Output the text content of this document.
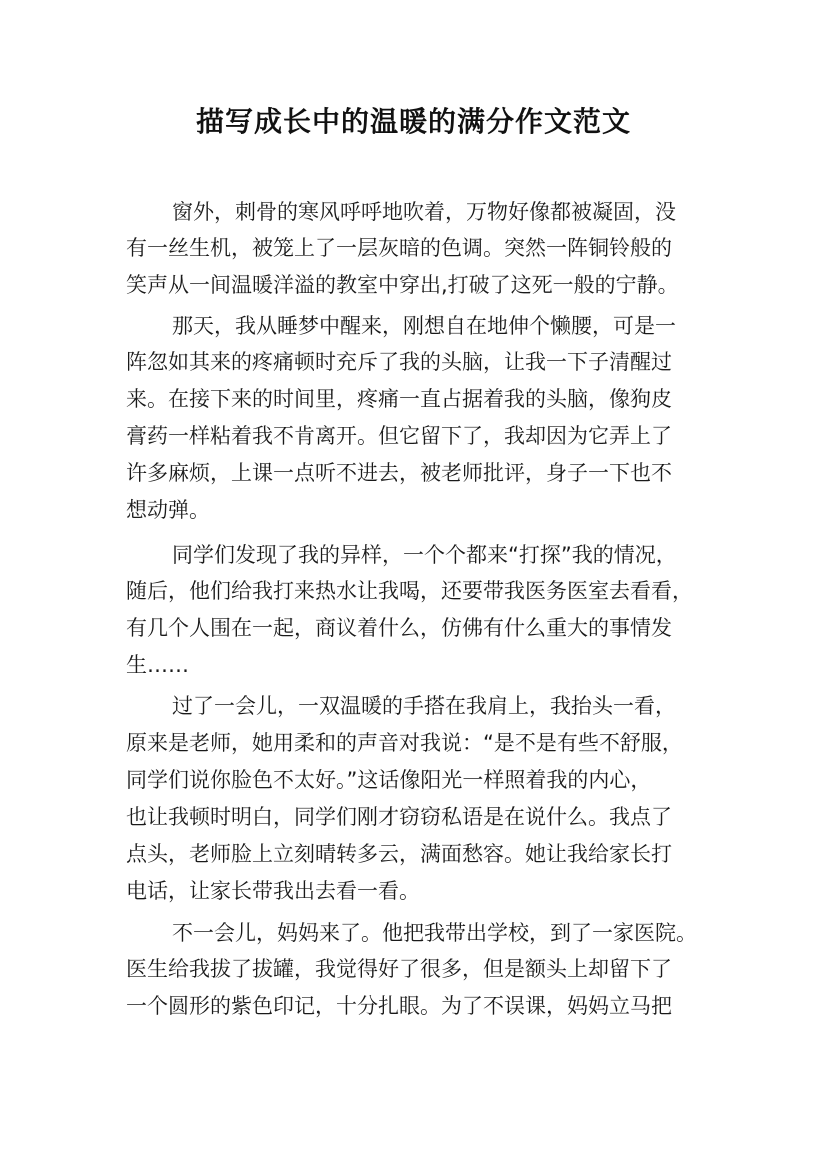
描写成长中的温暖的满分作文范文

窗外，刺骨的寒风呼呼地吹着，万物好像都被凝固，没

有一丝生机，被笼上了一层灰暗的色调。突然一阵铜铃般的

笑声从一间温暖洋溢的教室中穿出,打破了这死一般的宁静。

那天，我从睡梦中醒来，刚想自在地伸个懒腰，可是一

阵忽如其来的疼痛顿时充斥了我的头脑，让我一下子清醒过

来。在接下来的时间里，疼痛一直占据着我的头脑，像狗皮

膏药一样粘着我不肯离开。但它留下了，我却因为它弄上了

许多麻烦，上课一点听不进去，被老师批评，身子一下也不

想动弹。

同学们发现了我的异样，一个个都来“打探”我的情况，

随后，他们给我打来热水让我喝，还要带我医务医室去看看，

有几个人围在一起，商议着什么，仿佛有什么重大的事情发

生……

过了一会儿，一双温暖的手搭在我肩上，我抬头一看，

原来是老师，她用柔和的声音对我说：“是不是有些不舒服，

同学们说你脸色不太好。”这话像阳光一样照着我的内心，

也让我顿时明白，同学们刚才窃窃私语是在说什么。我点了

点头，老师脸上立刻晴转多云，满面愁容。她让我给家长打

电话，让家长带我出去看一看。

不一会儿，妈妈来了。他把我带出学校，到了一家医院。

医生给我拔了拔罐，我觉得好了很多，但是额头上却留下了

一个圆形的紫色印记，十分扎眼。为了不误课，妈妈立马把
